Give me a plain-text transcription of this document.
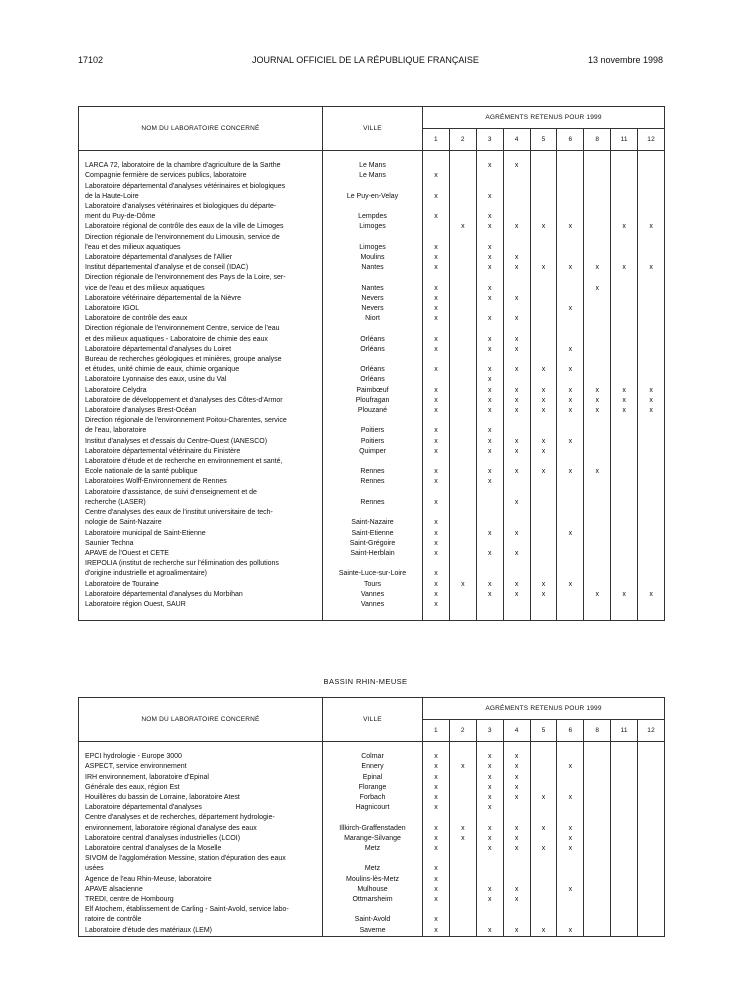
17102	JOURNAL OFFICIEL DE LA RÉPUBLIQUE FRANÇAISE	13 novembre 1998
NOM DU LABORATOIRE CONCERNÉ	VILLE	AGRÉMENTS RETENUS POUR 1999								
		1	2	3	4	5	6	8	11	12

LARCA 72, laboratoire de la chambre d'agriculture de la Sarthe	Le Mans			x	x					
Compagnie fermière de services publics, laboratoire	Le Mans	x								
Laboratoire départemental d'analyses vétérinaires et biologiques										
de la Haute-Loire	Le Puy-en-Velay	x		x						
Laboratoire d'analyses vétérinaires et biologiques du départe-										
ment du Puy-de-Dôme	Lempdes	x		x						
Laboratoire régional de contrôle des eaux de la ville de Limoges	Limoges		x	x	x	x	x		x	x
Direction régionale de l'environnement du Limousin, service de										
l'eau et des milieux aquatiques	Limoges	x		x						
Laboratoire départemental d'analyses de l'Allier	Moulins	x		x	x					
Institut départemental d'analyse et de conseil (IDAC)	Nantes	x		x	x	x	x	x	x	x
Direction régionale de l'environnement des Pays de la Loire, ser-										
vice de l'eau et des milieux aquatiques	Nantes	x		x				x		
Laboratoire vétérinaire départemental de la Nièvre	Nevers	x		x	x					
Laboratoire IGOL	Nevers	x					x			
Laboratoire de contrôle des eaux	Niort	x		x	x					
Direction régionale de l'environnement Centre, service de l'eau										
et des milieux aquatiques - Laboratoire de chimie des eaux	Orléans	x		x	x					
Laboratoire départemental d'analyses du Loiret	Orléans	x		x	x		x			
Bureau de recherches géologiques et minières, groupe analyse										
et études, unité chimie de eaux, chimie organique	Orléans	x		x	x	x	x			
Laboratoire Lyonnaise des eaux, usine du Val	Orléans			x						
Laboratoire Celydra	Paimbœuf	x		x	x	x	x	x	x	x
Laboratoire de développement et d'analyses des Côtes-d'Armor	Ploufragan	x		x	x	x	x	x	x	x
Laboratoire d'analyses Brest-Océan	Plouzané	x		x	x	x	x	x	x	x
Direction régionale de l'environnement Poitou-Charentes, service										
de l'eau, laboratoire	Poitiers	x		x						
Institut d'analyses et d'essais du Centre-Ouest (IANESCO)	Poitiers	x		x	x	x	x			
Laboratoire départemental vétérinaire du Finistère	Quimper	x		x	x	x				
Laboratoire d'étude et de recherche en environnement et santé,										
Ecole nationale de la santé publique	Rennes	x		x	x	x	x	x		
Laboratoires Wolff-Environnement de Rennes	Rennes	x		x						
Laboratoire d'assistance, de suivi d'enseignement et de										
recherche (LASER)	Rennes	x			x					
Centre d'analyses des eaux de l'institut universitaire de tech-										
nologie de Saint-Nazaire	Saint-Nazaire	x								
Laboratoire municipal de Saint-Etienne	Saint-Etienne	x		x	x		x			
Saunier Techna	Saint-Grégoire	x								
APAVE de l'Ouest et CETE	Saint-Herblain	x		x	x					
IREPOLIA (institut de recherche sur l'élimination des pollutions										
d'origine industrielle et agroalimentaire)	Sainte-Luce-sur-Loire	x								
Laboratoire de Touraine	Tours	x	x	x	x	x	x			
Laboratoire départemental d'analyses du Morbihan	Vannes	x		x	x	x		x	x	x
Laboratoire région Ouest, SAUR	Vannes	x								

BASSIN RHIN-MEUSE
NOM DU LABORATOIRE CONCERNÉ	VILLE	AGRÉMENTS RETENUS POUR 1999								
		1	2	3	4	5	6	8	11	12

EPCI hydrologie - Europe 3000	Colmar	x		x	x					
ASPECT, service environnement	Ennery	x	x	x	x		x			
IRH environnement, laboratoire d'Epinal	Epinal	x		x	x					
Générale des eaux, région Est	Florange	x		x	x					
Houillères du bassin de Lorraine, laboratoire Atest	Forbach	x		x	x	x	x			
Laboratoire départemental d'analyses	Hagnicourt	x		x						
Centre d'analyses et de recherches, département hydrologie-										
environnement, laboratoire régional d'analyse des eaux	Illkirch-Graffenstaden	x	x	x	x	x	x			
Laboratoire central d'analyses industrielles (LCOI)	Marange-Silvange	x	x	x	x		x			
Laboratoire central d'analyses de la Moselle	Metz	x		x	x	x	x			
SIVOM de l'agglomération Messine, station d'épuration des eaux										
usées	Metz	x								
Agence de l'eau Rhin-Meuse, laboratoire	Moulins-lès-Metz	x								
APAVE alsacienne	Mulhouse	x		x	x		x			
TREDI, centre de Hombourg	Ottmarsheim	x		x	x					
Elf Atochem, établissement de Carling - Saint-Avold, service labo-										
ratoire de contrôle	Saint-Avold	x								
Laboratoire d'étude des matériaux (LEM)	Saverne	x		x	x	x	x			
